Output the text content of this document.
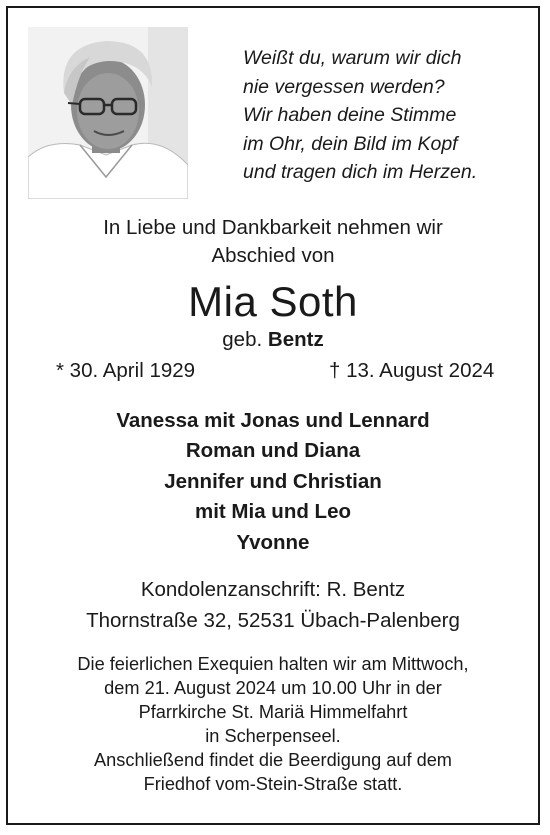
Weißt du, warum wir dich
nie vergessen werden?
Wir haben deine Stimme
im Ohr, dein Bild im Kopf
und tragen dich im Herzen.
In Liebe und Dankbarkeit nehmen wir
Abschied von
Mia Soth
geb. Bentz
* 30. April 1929	† 13. August 2024
Vanessa mit Jonas und Lennard
Roman und Diana
Jennifer und Christian
mit Mia und Leo
Yvonne
Kondolenzanschrift: R. Bentz
Thornstraße 32, 52531 Übach-Palenberg
Die feierlichen Exequien halten wir am Mittwoch,
dem 21. August 2024 um 10.00 Uhr in der
Pfarrkirche St. Mariä Himmelfahrt
in Scherpenseel.
Anschließend findet die Beerdigung auf dem
Friedhof vom-Stein-Straße statt.
